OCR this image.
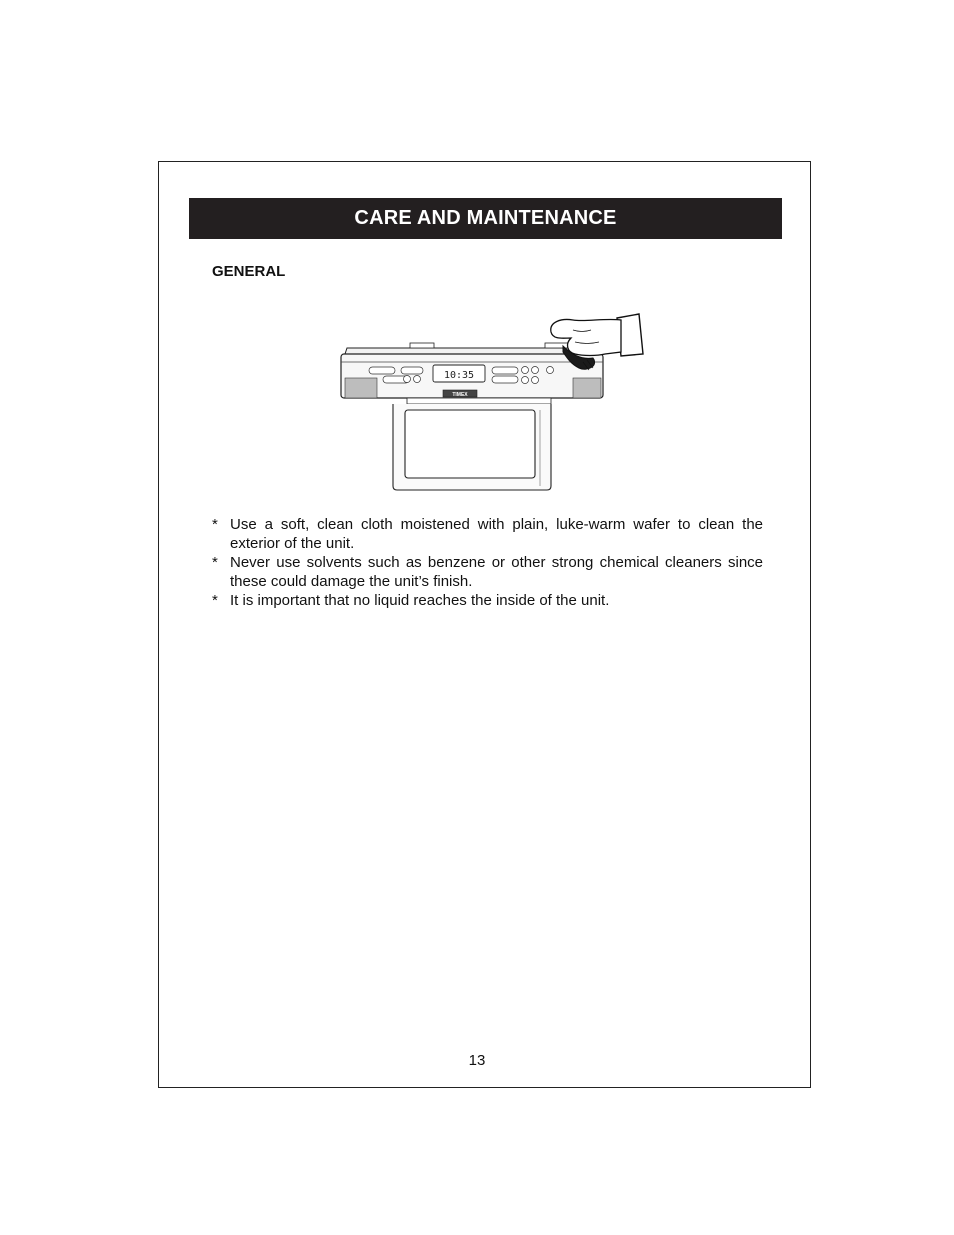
CARE AND MAINTENANCE
GENERAL
10:35
TIMEX
* Use a soft, clean cloth moistened with plain, luke-warm wafer to clean the exterior of the unit.
* Never use solvents such as benzene or other strong chemical cleaners since these could damage the unit’s finish.
* It is important that no liquid reaches the inside of the unit.
13
